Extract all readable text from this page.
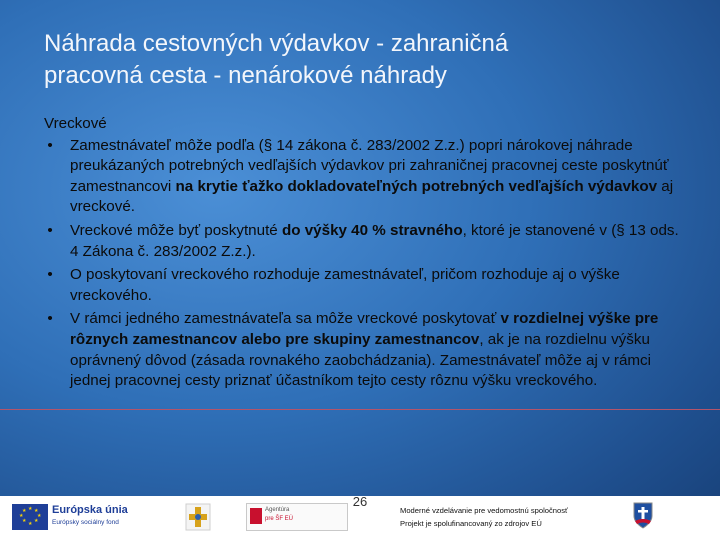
Náhrada cestovných výdavkov - zahraničná
pracovná cesta - nenárokové náhrady
Vreckové
• Zamestnávateľ môže podľa (§ 14 zákona č. 283/2002 Z.z.) popri nárokovej náhrade preukázaných potrebných vedľajších výdavkov pri zahraničnej pracovnej ceste poskytnúť zamestnancovi na krytie ťažko dokladovateľných potrebných vedľajších výdavkov aj vreckové.
• Vreckové môže byť poskytnuté do výšky 40 % stravného, ktoré je stanovené v (§ 13 ods. 4 Zákona č. 283/2002 Z.z.).
• O poskytovaní vreckového rozhoduje zamestnávateľ, pričom rozhoduje aj o výške vreckového.
• V rámci jedného zamestnávateľa sa môže vreckové poskytovať v rozdielnej výške pre rôznych zamestnancov alebo pre skupiny zamestnancov, ak je na rozdielnu výšku oprávnený dôvod (zásada rovnakého zaobchádzania). Zamestnávateľ môže aj v rámci jednej pracovnej cesty priznať účastníkom tejto cesty rôznu výšku vreckového.
26
★ ★
★
★
★
★
★
★ Európska únia
Európsky sociálny fond
Agentúra
pre ŠF EÚ
Moderné vzdelávanie pre vedomostnú spoločnosť
Projekt je spolufinancovaný zo zdrojov EÚ
